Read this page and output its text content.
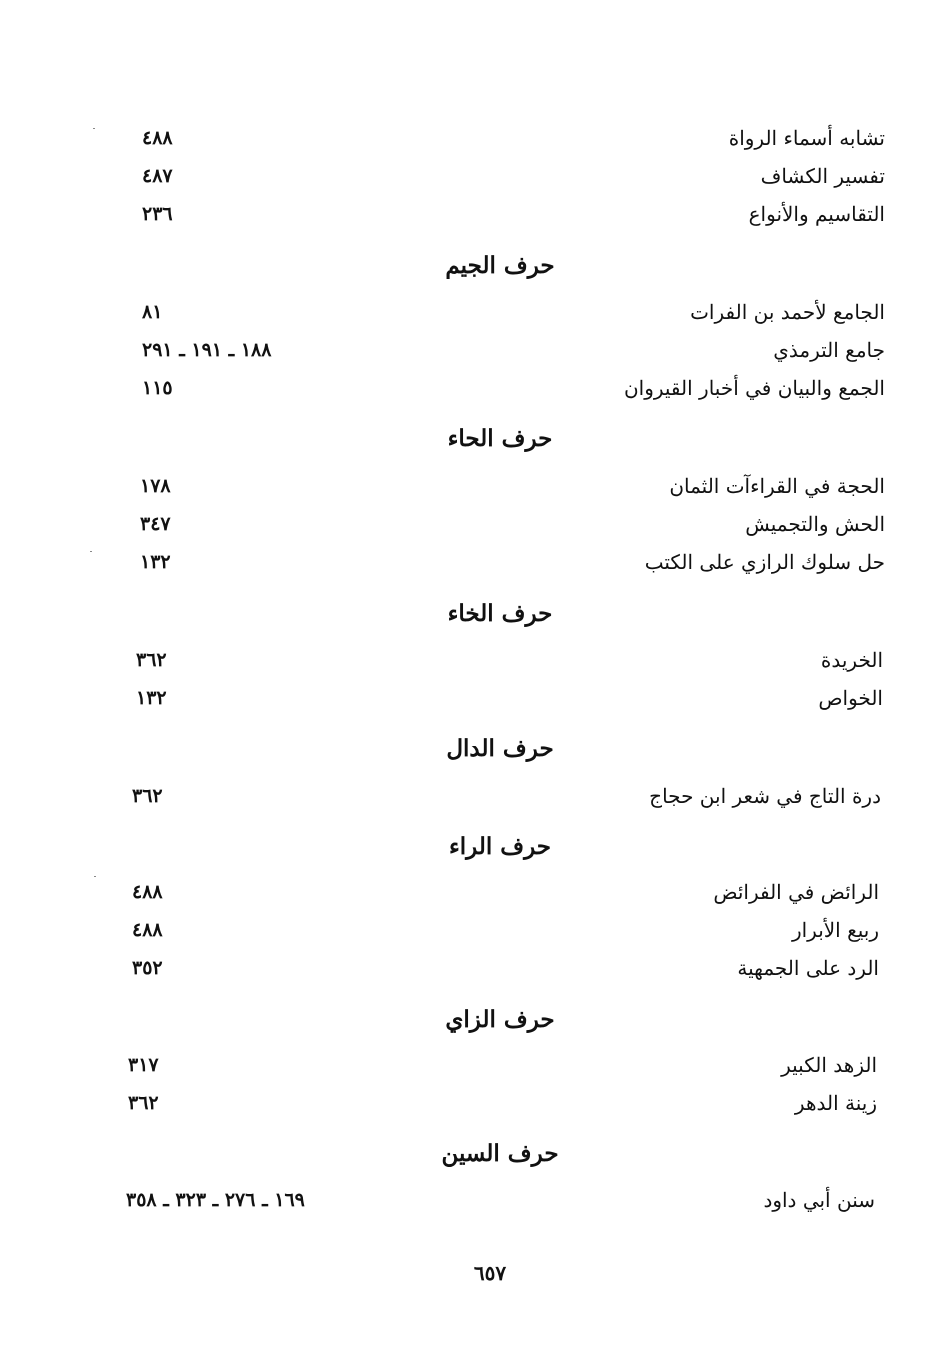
تشابه أسماء الرواة
٤٨٨
تفسير الكشاف
٤٨٧
التقاسيم والأنواع
٢٣٦
حرف الجيم
الجامع لأحمد بن الفرات
٨١
جامع الترمذي
١٨٨ ـ ١٩١ ـ ٢٩١
الجمع والبيان في أخبار القيروان
١١٥
حرف الحاء
الحجة في القراءآت الثمان
١٧٨
الحش والتجميش
٣٤٧
حل سلوك الرازي على الكتب
١٣٢
حرف الخاء
الخريدة
٣٦٢
الخواص
١٣٢
حرف الدال
درة التاج في شعر ابن حجاج
٣٦٢
حرف الراء
الرائض في الفرائض
٤٨٨
ربيع الأبرار
٤٨٨
الرد على الجمهية
٣٥٢
حرف الزاي
الزهد الكبير
٣١٧
زينة الدهر
٣٦٢
حرف السين
سنن أبي داود
١٦٩ ـ ٢٧٦ ـ ٣٢٣ ـ ٣٥٨
٦٥٧
